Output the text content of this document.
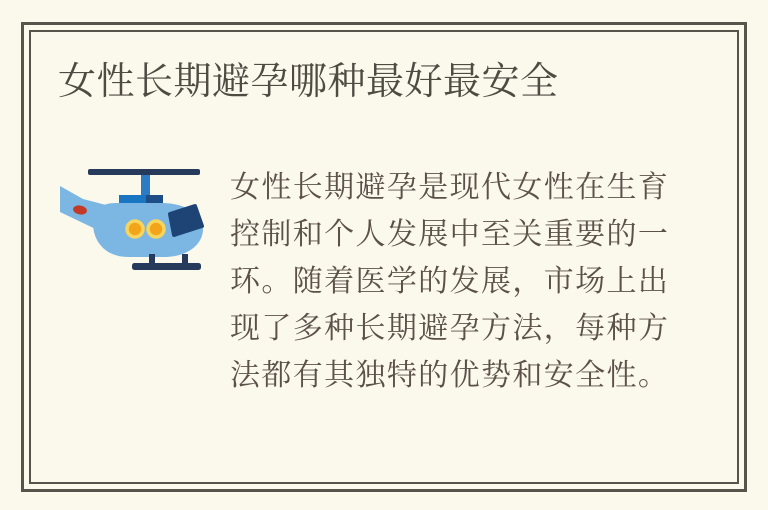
女性长期避孕哪种最好最安全
女 性 长 期 避 孕 是 现 代 女 性 在 生 育
控 制 和 个 人 发 展 中 至 关 重 要 的 一
环 。 随 着 医 学 的 发 展 ， 市 场 上 出
现 了 多 种 长 期 避 孕 方 法 ， 每 种 方
法 都 有 其 独 特 的 优 势 和 安 全 性 。
